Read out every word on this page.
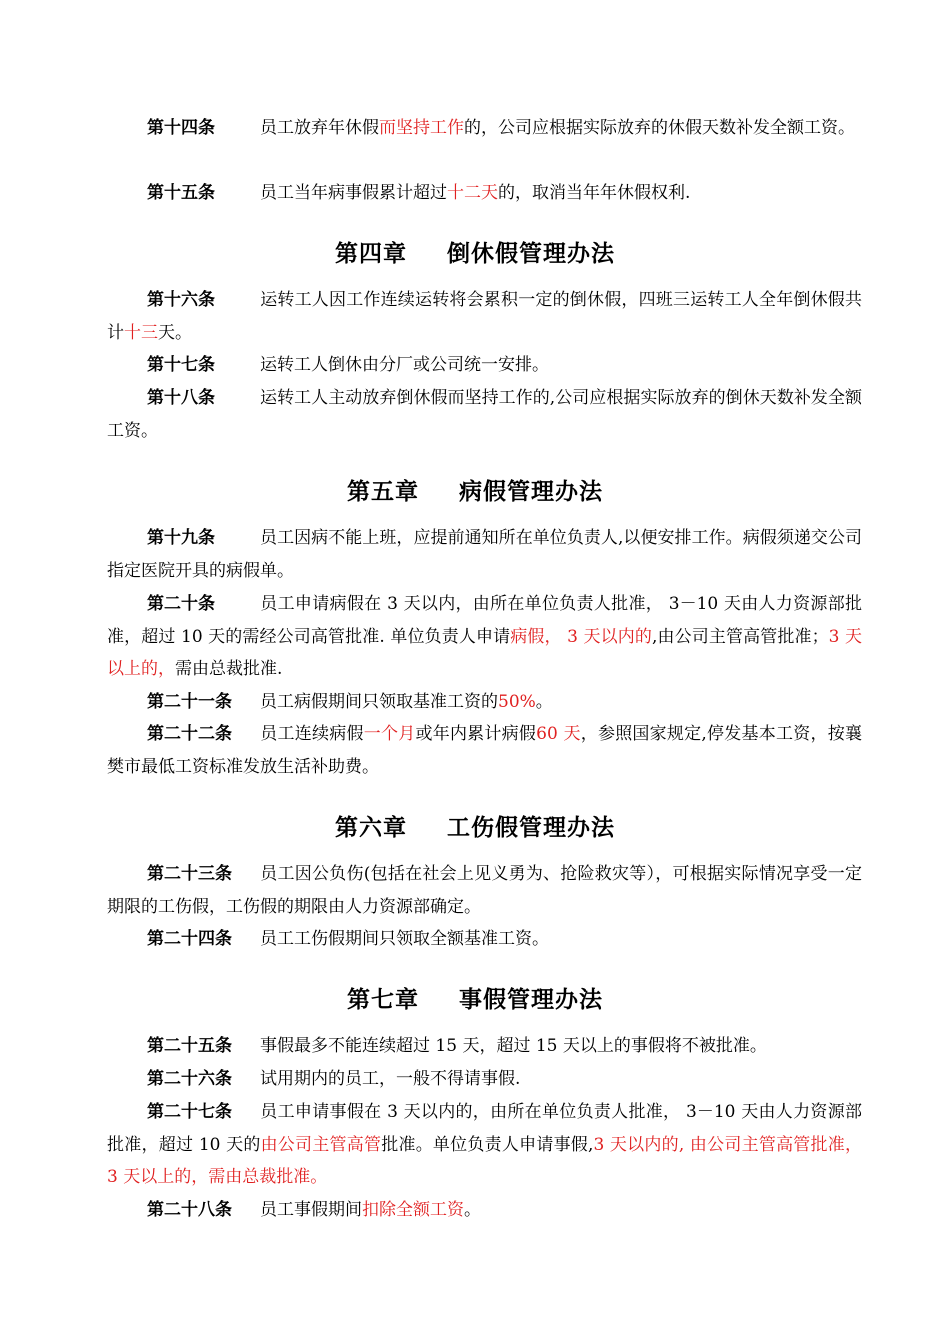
第十四条	员工放弃年休假而坚持工作的，公司应根据实际放弃的休假天数补发全额工资。

第十五条	员工当年病事假累计超过十二天的，取消当年年休假权利.

第四章 倒休假管理办法

第十六条	运转工人因工作连续运转将会累积一定的倒休假，四班三运转工人全年倒休假共计十三天。

第十七条	运转工人倒休由分厂或公司统一安排。

第十八条	运转工人主动放弃倒休假而坚持工作的,公司应根据实际放弃的倒休天数补发全额工资。

第五章 病假管理办法

第十九条	员工因病不能上班，应提前通知所在单位负责人,以便安排工作。病假须递交公司指定医院开具的病假单。

第二十条	员工申请病假在 3 天以内，由所在单位负责人批准， 3－10 天由人力资源部批准，超过 10 天的需经公司高管批准. 单位负责人申请病假， 3 天以内的,由公司主管高管批准；3 天以上的，需由总裁批准.

第二十一条 员工病假期间只领取基准工资的50%。

第二十二条 员工连续病假一个月或年内累计病假60 天，参照国家规定,停发基本工资，按襄樊市最低工资标准发放生活补助费。

第六章 工伤假管理办法

第二十三条 员工因公负伤(包括在社会上见义勇为、抢险救灾等），可根据实际情况享受一定期限的工伤假，工伤假的期限由人力资源部确定。

第二十四条 员工工伤假期间只领取全额基准工资。

第七章 事假管理办法

第二十五条 事假最多不能连续超过 15 天，超过 15 天以上的事假将不被批准。

第二十六条 试用期内的员工，一般不得请事假.

第二十七条 员工申请事假在 3 天以内的，由所在单位负责人批准， 3－10 天由人力资源部批准，超过 10 天的由公司主管高管批准。单位负责人申请事假,3 天以内的, 由公司主管高管批准，3 天以上的，需由总裁批准。

第二十八条 员工事假期间扣除全额工资。
